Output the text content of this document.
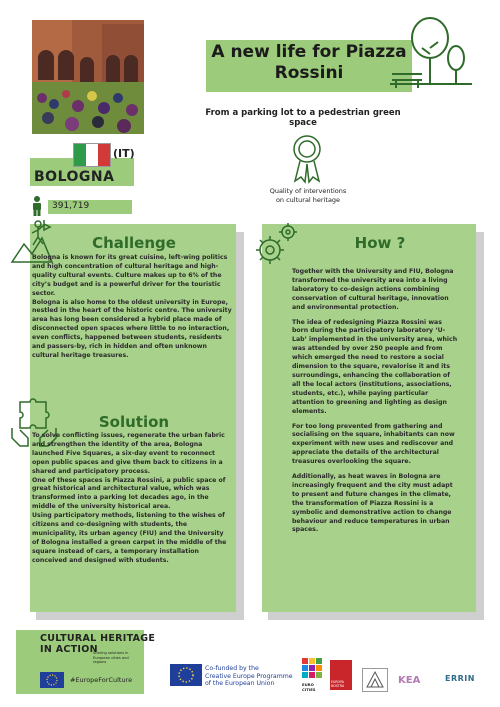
A new life for Piazza
Rossini
From a parking lot to a pedestrian green space
(IT)
BOLOGNA
391,719
Quality of interventions
on cultural heritage
Challenge
Bologna is known for its great cuisine, left-wing politics and high concentration of cultural heritage and high-quality cultural events. Culture makes up to 6% of the city’s budget and is a powerful driver for the touristic sector.
Bologna is also home to the oldest university in Europe, nestled in the heart of the historic centre. The university area has long been considered a hybrid place made of disconnected open spaces where little to no interaction, even conflicts, happened between students, residents and passers-by, rich in hidden and often unknown cultural heritage treasures.
Solution
To solve conflicting issues, regenerate the urban fabric and strengthen the identity of the area, Bologna launched Five Squares, a six-day event to reconnect open public spaces and give them back to citizens in a shared and participatory process.
One of these spaces is Piazza Rossini, a public space of great historical and architectural value, which was transformed into a parking lot decades ago, in the middle of the university historical area.
Using participatory methods, listening to the wishes of citizens and co-designing with students, the municipality, its urban agency (FIU) and the University of Bologna installed a green carpet in the middle of the square instead of cars, a temporary installation conceived and designed with students.
How ?

Together with the University and FIU, Bologna transformed the university area into a living laboratory to co-design actions combining conservation of cultural heritage, innovation and environmental protection.

The idea of redesigning Piazza Rossini was born during the participatory laboratory ‘U-Lab’ implemented in the university area, which was attended by over 250 people and from which emerged the need to restore a social dimension to the square, revalorise it and its surroundings, enhancing the collaboration of all the local actors (institutions, associations, students, etc.), while paying particular attention to greening and lighting as design elements.

For too long prevented from gathering and socialising on the square, inhabitants can now experiment with new uses and rediscover and appreciate the details of the architectural treasures overlooking the square.

Additionally, as heat waves in Bologna are increasingly frequent and the city must adapt to present and future changes in the climate, the transformation of Piazza Rossini is a symbolic and demonstrative action to change behaviour and reduce temperatures in urban spaces.

CULTURAL HERITAGE
IN ACTION
Sharing solutions in European cities and regions
#EuropeForCulture
Co-funded by the
Creative Europe Programme
of the European Union	EURO CITIES
EUROPA NOSTRA	KEA	ERRIN
